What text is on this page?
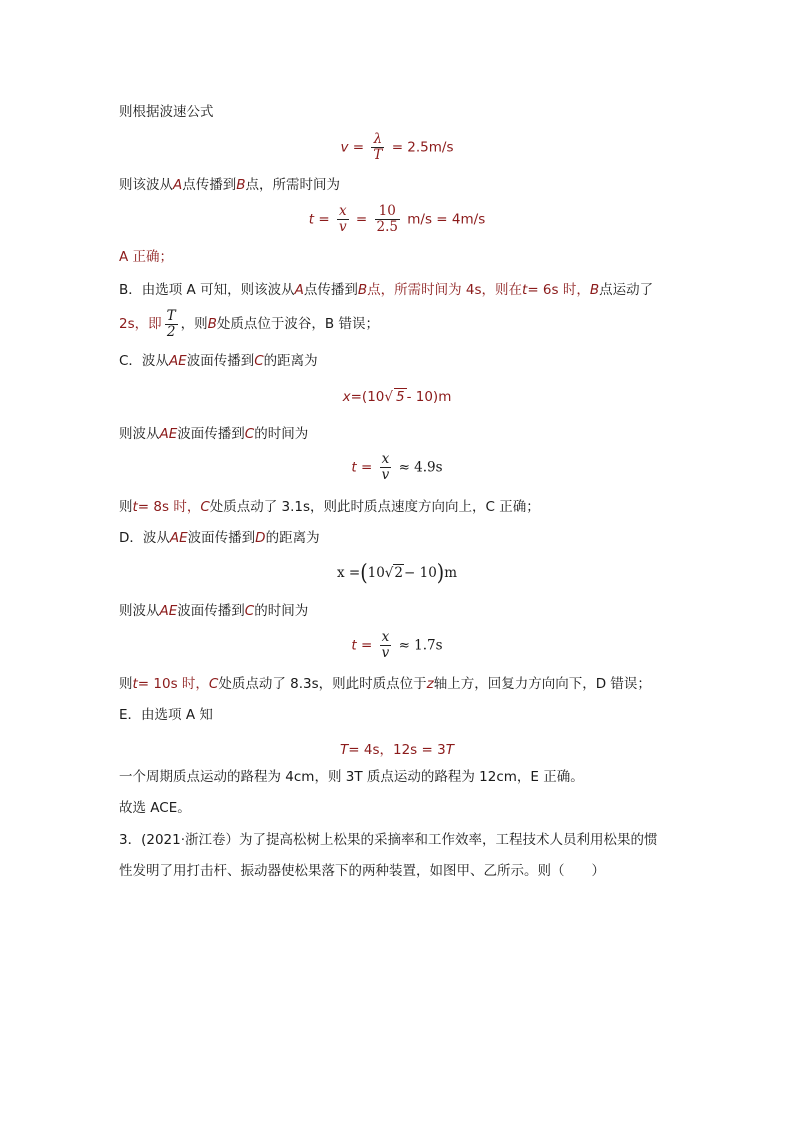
则根据波速公式
$v = \frac{\lambda}{T} = 2.5m/s$
则该波从A点传播到B点，所需时间为
$t = \frac{x}{v} = \frac{10}{2.5} m/s = 4m/s$
A 正确；
B．由选项 A 可知，则该波从A点传播到B点，所需时间为 4s，则在t= 6s 时，B点运动了
2s，即 $\frac{T}{2}$ ，则B处质点位于波谷，B 错误；
C．波从AE波面传播到C的距离为
x=(10√ 5 - 10)m
则波从AE波面传播到C的时间为
$t = \frac{x}{v} \approx 4.9s$
则t= 8s 时，C处质点动了 3.1s，则此时质点速度方向向上，C 正确；
D．波从AE波面传播到D的距离为
x =(10√2− 10)m
则波从AE波面传播到C的时间为
$t = \frac{x}{v} \approx 1.7s$
则t= 10s 时，C处质点动了 8.3s，则此时质点位于z轴上方，回复力方向向下，D 错误；
E．由选项 A 知
T= 4s，12s = 3T
一个周期质点运动的路程为 4cm，则 3T 质点运动的路程为 12cm，E 正确。
故选 ACE。
3．(2021·浙江卷）为了提高松树上松果的采摘率和工作效率，工程技术人员利用松果的惯
性发明了用打击杆、振动器使松果落下的两种装置，如图甲、乙所示。则（　　）
